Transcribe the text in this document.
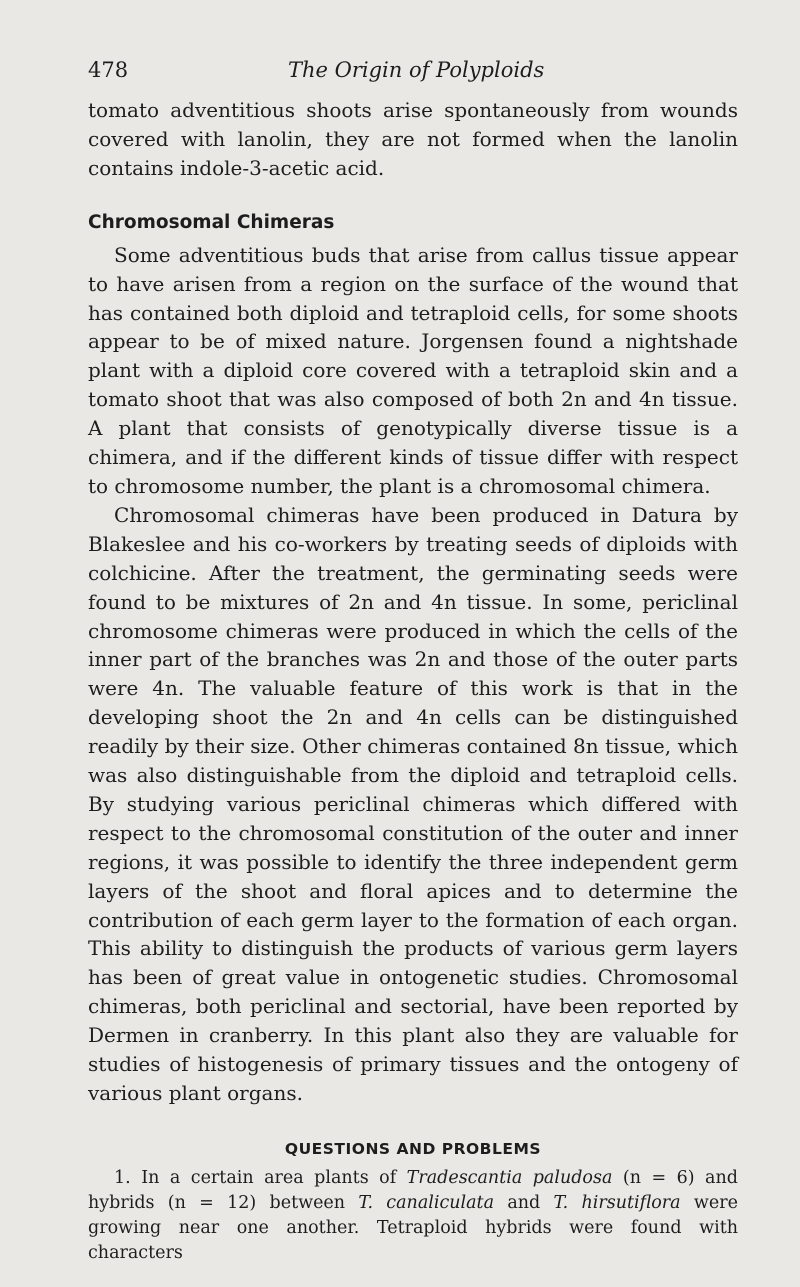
478	The Origin of Polyploids

tomato adventitious shoots arise spontaneously from wounds covered with lanolin, they are not formed when the lanolin contains indole-3-acetic acid.

Chromosomal Chimeras

Some adventitious buds that arise from callus tissue appear to have arisen from a region on the surface of the wound that has contained both diploid and tetraploid cells, for some shoots appear to be of mixed nature. Jorgensen found a nightshade plant with a diploid core covered with a tetraploid skin and a tomato shoot that was also composed of both 2n and 4n tissue. A plant that consists of genotypically diverse tissue is a chimera, and if the different kinds of tissue differ with respect to chromosome number, the plant is a chromosomal chimera.

Chromosomal chimeras have been produced in Datura by Blakeslee and his co-workers by treating seeds of diploids with colchicine. After the treatment, the germinating seeds were found to be mixtures of 2n and 4n tissue. In some, periclinal chromosome chimeras were produced in which the cells of the inner part of the branches was 2n and those of the outer parts were 4n. The valuable feature of this work is that in the developing shoot the 2n and 4n cells can be distinguished readily by their size. Other chimeras contained 8n tissue, which was also distinguishable from the diploid and tetraploid cells. By studying various periclinal chimeras which differed with respect to the chromosomal constitution of the outer and inner regions, it was possible to identify the three independent germ layers of the shoot and floral apices and to determine the contribution of each germ layer to the formation of each organ. This ability to distinguish the products of various germ layers has been of great value in ontogenetic studies. Chromosomal chimeras, both periclinal and sectorial, have been reported by Dermen in cranberry. In this plant also they are valuable for studies of histogenesis of primary tissues and the ontogeny of various plant organs.

QUESTIONS AND PROBLEMS

1. In a certain area plants of Tradescantia paludosa (n = 6) and hybrids (n = 12) between T. canaliculata and T. hirsutiflora were growing near one another. Tetraploid hybrids were found with characters
